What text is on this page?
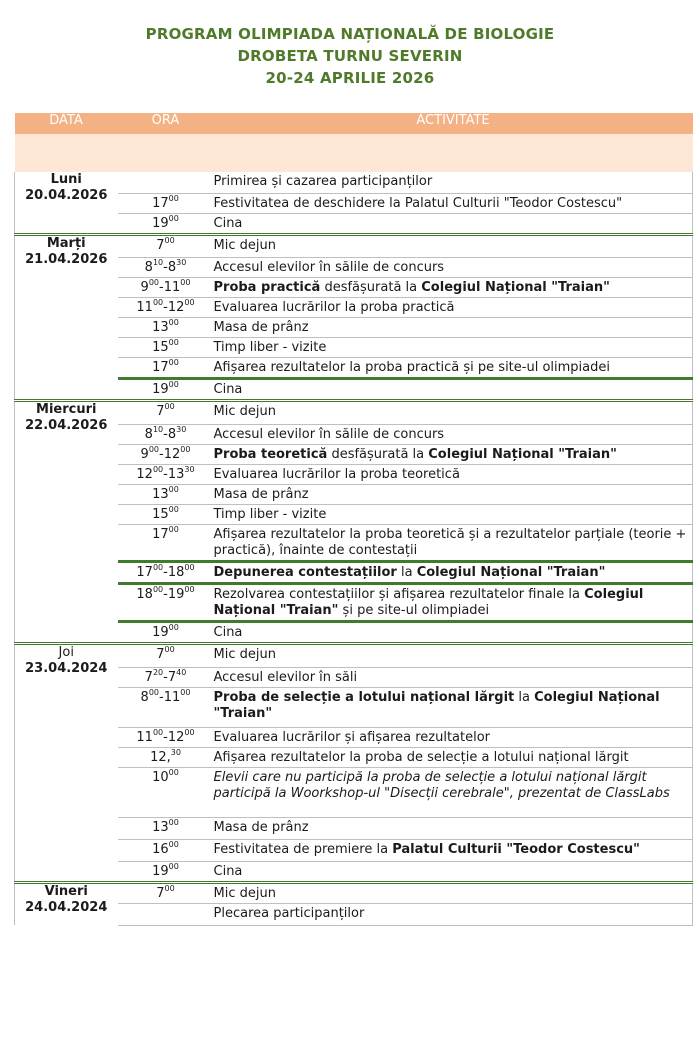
PROGRAM OLIMPIADA NAȚIONALĂ DE BIOLOGIE
DROBETA TURNU SEVERIN
20-24 APRILIE 2026
DATA	ORA	ACTIVITATE

Luni
20.04.2026		Primirea și cazarea participanților
	$17^{00}$	Festivitatea de deschidere la Palatul Culturii "Teodor Costescu"
	$19^{00}$	Cina

Marți
21.04.2026	$7^{00}$	Mic dejun
	$8^{10}-8^{30}$	Accesul elevilor în sălile de concurs
	$9^{00}-11^{00}$	Proba practică desfășurată la Colegiul Național "Traian"
	$11^{00}-12^{00}$	Evaluarea lucrărilor la proba practică
	$13^{00}$	Masa de prânz
	$15^{00}$	Timp liber - vizite
	$17^{00}$	Afișarea rezultatelor la proba practică și pe site-ul olimpiadei
	$19^{00}$	Cina

Miercuri
22.04.2026	$7^{00}$	Mic dejun
	$8^{10}-8^{30}$	Accesul elevilor în sălile de concurs
	$9^{00}-12^{00}$	Proba teoretică desfășurată la Colegiul Național "Traian"
	$12^{00}-13^{30}$	Evaluarea lucrărilor la proba teoretică
	$13^{00}$	Masa de prânz
	$15^{00}$	Timp liber - vizite
	$17^{00}$	Afișarea rezultatelor la proba teoretică și a rezultatelor parțiale (teorie + practică), înainte de contestații
	$17^{00}-18^{00}$	Depunerea contestațiilor la Colegiul Național "Traian"
	$18^{00}-19^{00}$	Rezolvarea contestațiilor și afișarea rezultatelor finale la Colegiul Național "Traian" și pe site-ul olimpiadei
	$19^{00}$	Cina

Joi
23.04.2024	$7^{00}$	Mic dejun
	$7^{20}-7^{40}$	Accesul elevilor în săli
	$8^{00}-11^{00}$	Proba de selecție a lotului național lărgit la Colegiul Național "Traian"
	$11^{00}-12^{00}$	Evaluarea lucrărilor și afișarea rezultatelor
	12,30	Afișarea rezultatelor la proba de selecție a lotului național lărgit
	$10^{00}$	Elevii care nu participă la proba de selecție a lotului național lărgit participă la Woorkshop-ul "Disecții cerebrale", prezentat de ClassLabs
	$13^{00}$	Masa de prânz
	$16^{00}$	Festivitatea de premiere la Palatul Culturii "Teodor Costescu"
	$19^{00}$	Cina

Vineri
24.04.2024	$7^{00}$	Mic dejun
		Plecarea participanților
